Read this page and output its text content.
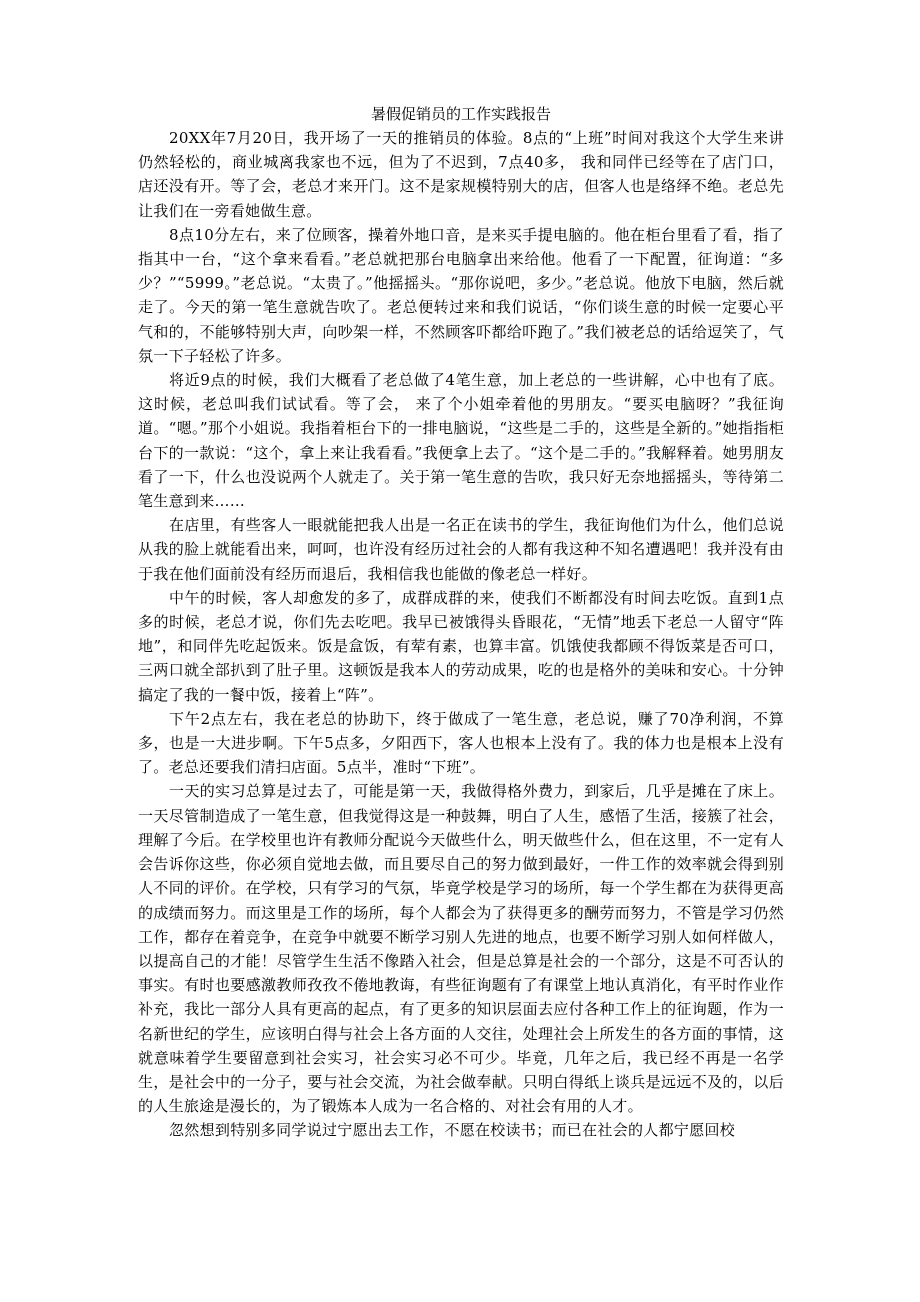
暑假促销员的工作实践报告

20XX年7月20日，我开场了一天的推销员的体验。8点的“上班”时间对我这个大学生来讲仍然轻松的，商业城离我家也不远，但为了不迟到，7点40多， 我和同伴已经等在了店门口，店还没有开。等了会，老总才来开门。这不是家规模特别大的店，但客人也是络绎不绝。老总先让我们在一旁看她做生意。

8点10分左右，来了位顾客，操着外地口音，是来买手提电脑的。他在柜台里看了看，指了指其中一台，“这个拿来看看。”老总就把那台电脑拿出来给他。他看了一下配置，征询道：“多少？”“5999。”老总说。“太贵了。”他摇摇头。“那你说吧，多少。”老总说。他放下电脑，然后就走了。今天的第一笔生意就告吹了。老总便转过来和我们说话，“你们谈生意的时候一定要心平气和的，不能够特别大声，向吵架一样，不然顾客吓都给吓跑了。”我们被老总的话给逗笑了，气氛一下子轻松了许多。

将近9点的时候，我们大概看了老总做了4笔生意，加上老总的一些讲解，心中也有了底。这时候，老总叫我们试试看。等了会， 来了个小姐牵着他的男朋友。“要买电脑呀？”我征询道。“嗯。”那个小姐说。我指着柜台下的一排电脑说，“这些是二手的，这些是全新的。”她指指柜台下的一款说：“这个，拿上来让我看看。”我便拿上去了。“这个是二手的。”我解释着。她男朋友看了一下，什么也没说两个人就走了。关于第一笔生意的告吹，我只好无奈地摇摇头，等待第二笔生意到来……

在店里，有些客人一眼就能把我人出是一名正在读书的学生，我征询他们为什么，他们总说从我的脸上就能看出来，呵呵，也许没有经历过社会的人都有我这种不知名遭遇吧！我并没有由于我在他们面前没有经历而退后，我相信我也能做的像老总一样好。

中午的时候，客人却愈发的多了，成群成群的来，使我们不断都没有时间去吃饭。直到1点多的时候，老总才说，你们先去吃吧。我早已被饿得头昏眼花，“无情”地丢下老总一人留守“阵地”，和同伴先吃起饭来。饭是盒饭，有荤有素，也算丰富。饥饿使我都顾不得饭菜是否可口，三两口就全部扒到了肚子里。这顿饭是我本人的劳动成果，吃的也是格外的美味和安心。十分钟搞定了我的一餐中饭，接着上“阵”。

下午2点左右，我在老总的协助下，终于做成了一笔生意，老总说，赚了70净利润，不算多，也是一大进步啊。下午5点多，夕阳西下，客人也根本上没有了。我的体力也是根本上没有了。老总还要我们清扫店面。5点半，准时“下班”。

一天的实习总算是过去了，可能是第一天，我做得格外费力，到家后，几乎是摊在了床上。一天尽管制造成了一笔生意，但我觉得这是一种鼓舞，明白了人生，感悟了生活，接簇了社会，理解了今后。在学校里也许有教师分配说今天做些什么，明天做些什么，但在这里，不一定有人会告诉你这些，你必须自觉地去做，而且要尽自己的努力做到最好，一件工作的效率就会得到别人不同的评价。在学校，只有学习的气氛，毕竟学校是学习的场所，每一个学生都在为获得更高的成绩而努力。而这里是工作的场所，每个人都会为了获得更多的酬劳而努力，不管是学习仍然工作，都存在着竞争，在竞争中就要不断学习别人先进的地点，也要不断学习别人如何样做人，以提高自己的才能！尽管学生生活不像踏入社会，但是总算是社会的一个部分，这是不可否认的事实。有时也要感激教师孜孜不倦地教诲，有些征询题有了有课堂上地认真消化，有平时作业作补充，我比一部分人具有更高的起点，有了更多的知识层面去应付各种工作上的征询题，作为一名新世纪的学生，应该明白得与社会上各方面的人交往，处理社会上所发生的各方面的事情，这就意味着学生要留意到社会实习，社会实习必不可少。毕竟，几年之后，我已经不再是一名学生，是社会中的一分子，要与社会交流，为社会做奉献。只明白得纸上谈兵是远远不及的，以后的人生旅途是漫长的，为了锻炼本人成为一名合格的、对社会有用的人才。

忽然想到特别多同学说过宁愿出去工作，不愿在校读书；而已在社会的人都宁愿回校
